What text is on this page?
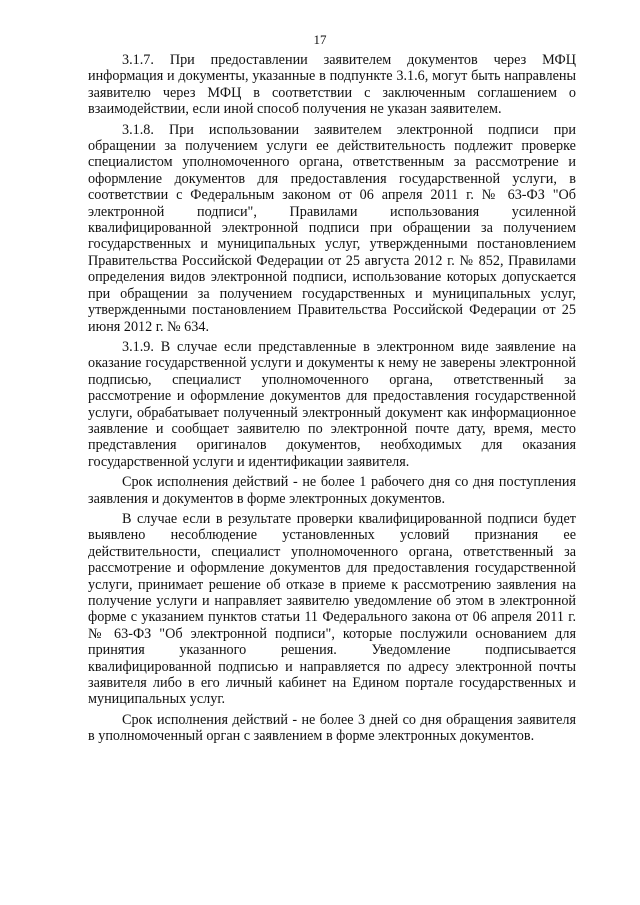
17

3.1.7. При предоставлении заявителем документов через МФЦ информация и документы, указанные в подпункте 3.1.6, могут быть направлены заявителю через МФЦ в соответствии с заключенным соглашением о взаимодействии, если иной способ получения не указан заявителем.

3.1.8. При использовании заявителем электронной подписи при обращении за получением услуги ее действительность подлежит проверке специалистом уполномоченного органа, ответственным за рассмотрение и оформление документов для предоставления государственной услуги, в соответствии с Федеральным законом от 06 апреля 2011 г. № 63-ФЗ "Об электронной подписи", Правилами использования усиленной квалифицированной электронной подписи при обращении за получением государственных и муниципальных услуг, утвержденными постановлением Правительства Российской Федерации от 25 августа 2012 г. № 852, Правилами определения видов электронной подписи, использование которых допускается при обращении за получением государственных и муниципальных услуг, утвержденными постановлением Правительства Российской Федерации от 25 июня 2012 г. № 634.

3.1.9. В случае если представленные в электронном виде заявление на оказание государственной услуги и документы к нему не заверены электронной подписью, специалист уполномоченного органа, ответственный за рассмотрение и оформление документов для предоставления государственной услуги, обрабатывает полученный электронный документ как информационное заявление и сообщает заявителю по электронной почте дату, время, место представления оригиналов документов, необходимых для оказания государственной услуги и идентификации заявителя.

Срок исполнения действий - не более 1 рабочего дня со дня поступления заявления и документов в форме электронных документов.

В случае если в результате проверки квалифицированной подписи будет выявлено несоблюдение установленных условий признания ее действительности, специалист уполномоченного органа, ответственный за рассмотрение и оформление документов для предоставления государственной услуги, принимает решение об отказе в приеме к рассмотрению заявления на получение услуги и направляет заявителю уведомление об этом в электронной форме с указанием пунктов статьи 11 Федерального закона от 06 апреля 2011 г. № 63-ФЗ "Об электронной подписи", которые послужили основанием для принятия указанного решения. Уведомление подписывается квалифицированной подписью и направляется по адресу электронной почты заявителя либо в его личный кабинет на Едином портале государственных и муниципальных услуг.

Срок исполнения действий - не более 3 дней со дня обращения заявителя в уполномоченный орган с заявлением в форме электронных документов.
